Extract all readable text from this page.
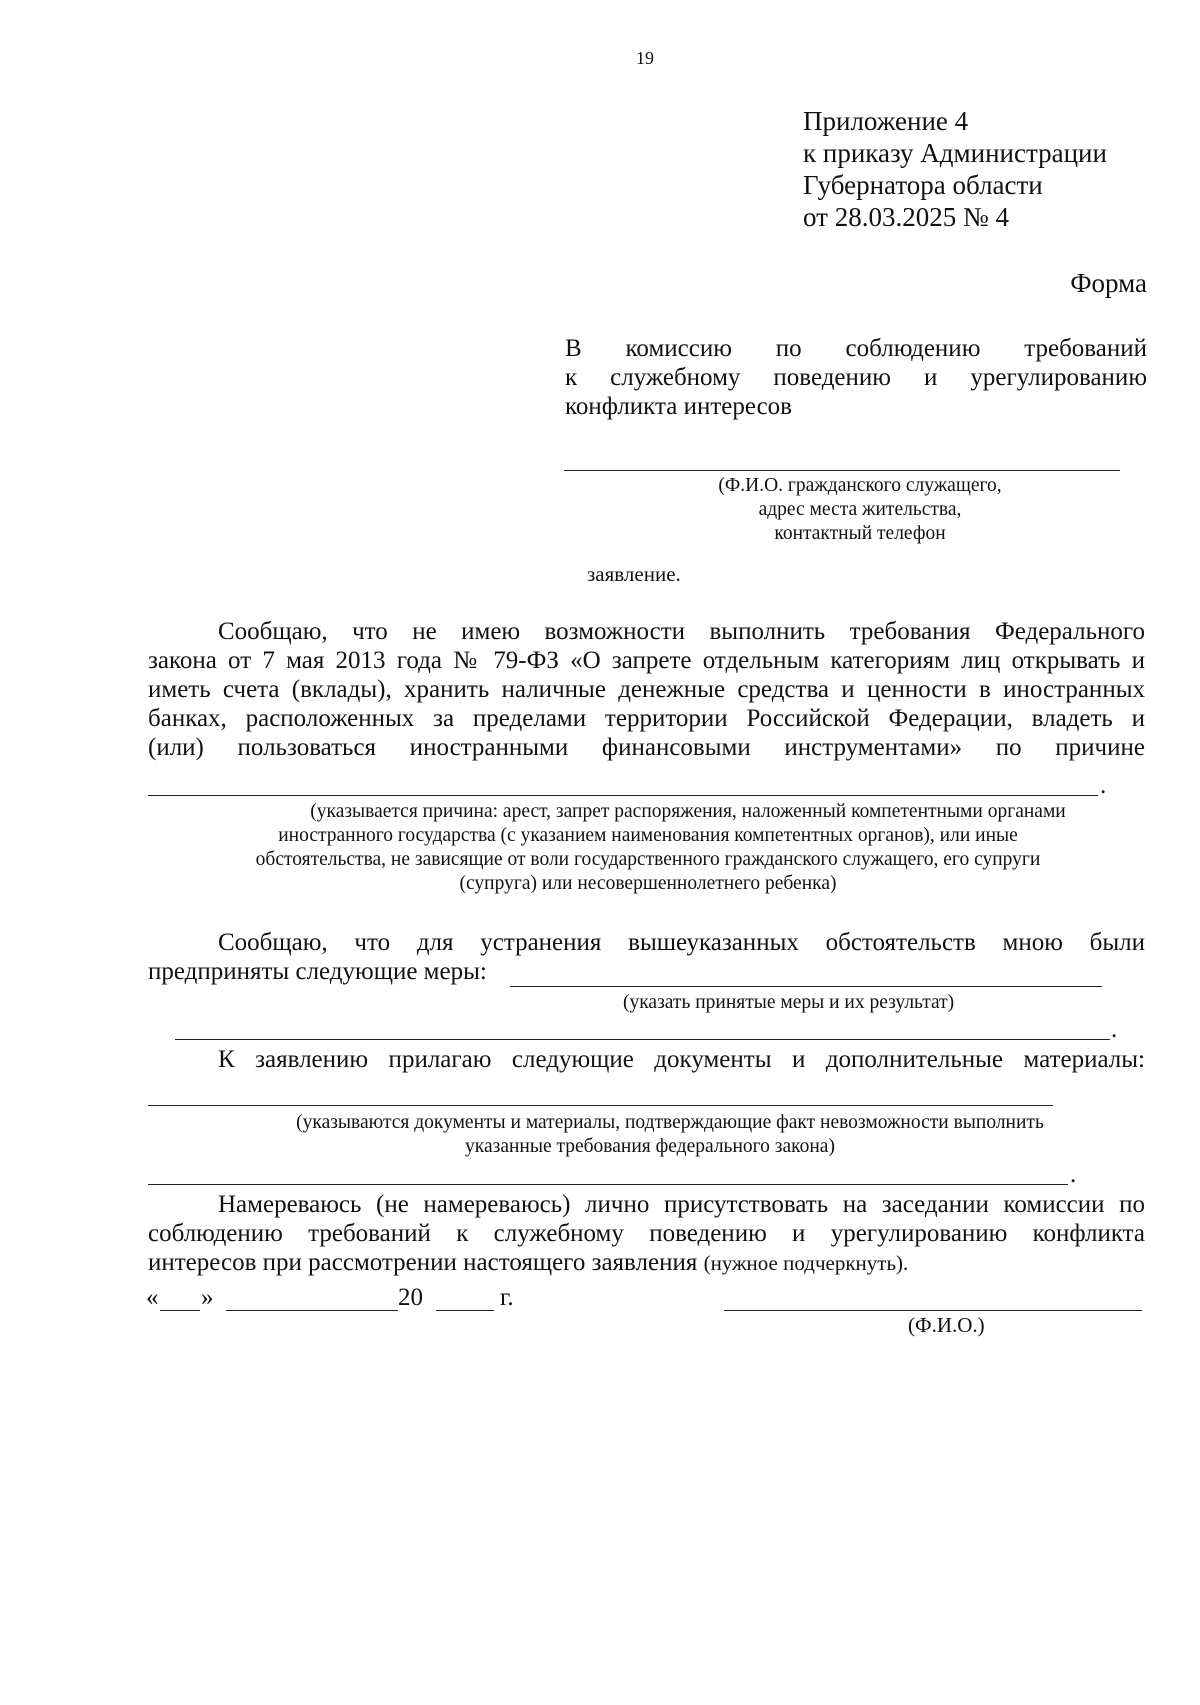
19
Приложение 4
к приказу Администрации
Губернатора области
от 28.03.2025 № 4
Форма
В комиссию по соблюдению требований
к служебному поведению и урегулированию
конфликта интересов
(Ф.И.О. гражданского служащего,
адрес места жительства,
контактный телефон
заявление.
Сообщаю, что не имею возможности выполнить требования Федерального
закона от 7 мая 2013 года № 79-ФЗ «О запрете отдельным категориям лиц открывать и
иметь счета (вклады), хранить наличные денежные средства и ценности в иностранных
банках, расположенных за пределами территории Российской Федерации, владеть и
(или) пользоваться иностранными финансовыми инструментами» по причине
.
(указывается причина: арест, запрет распоряжения, наложенный компетентными органами
иностранного государства (с указанием наименования компетентных органов), или иные
обстоятельства, не зависящие от воли государственного гражданского служащего, его супруги
(супруга) или несовершеннолетнего ребенка)
Сообщаю, что для устранения вышеуказанных обстоятельств мною были
предприняты следующие меры:
(указать принятые меры и их результат)
.
К заявлению прилагаю следующие документы и дополнительные материалы:
(указываются документы и материалы, подтверждающие факт невозможности выполнить
указанные требования федерального закона)
.
Намереваюсь (не намереваюсь) лично присутствовать на заседании комиссии по
соблюдению требований к служебному поведению и урегулированию конфликта
интересов при рассмотрении настоящего заявления (нужное подчеркнуть).
« »	20	г.
(Ф.И.О.)
